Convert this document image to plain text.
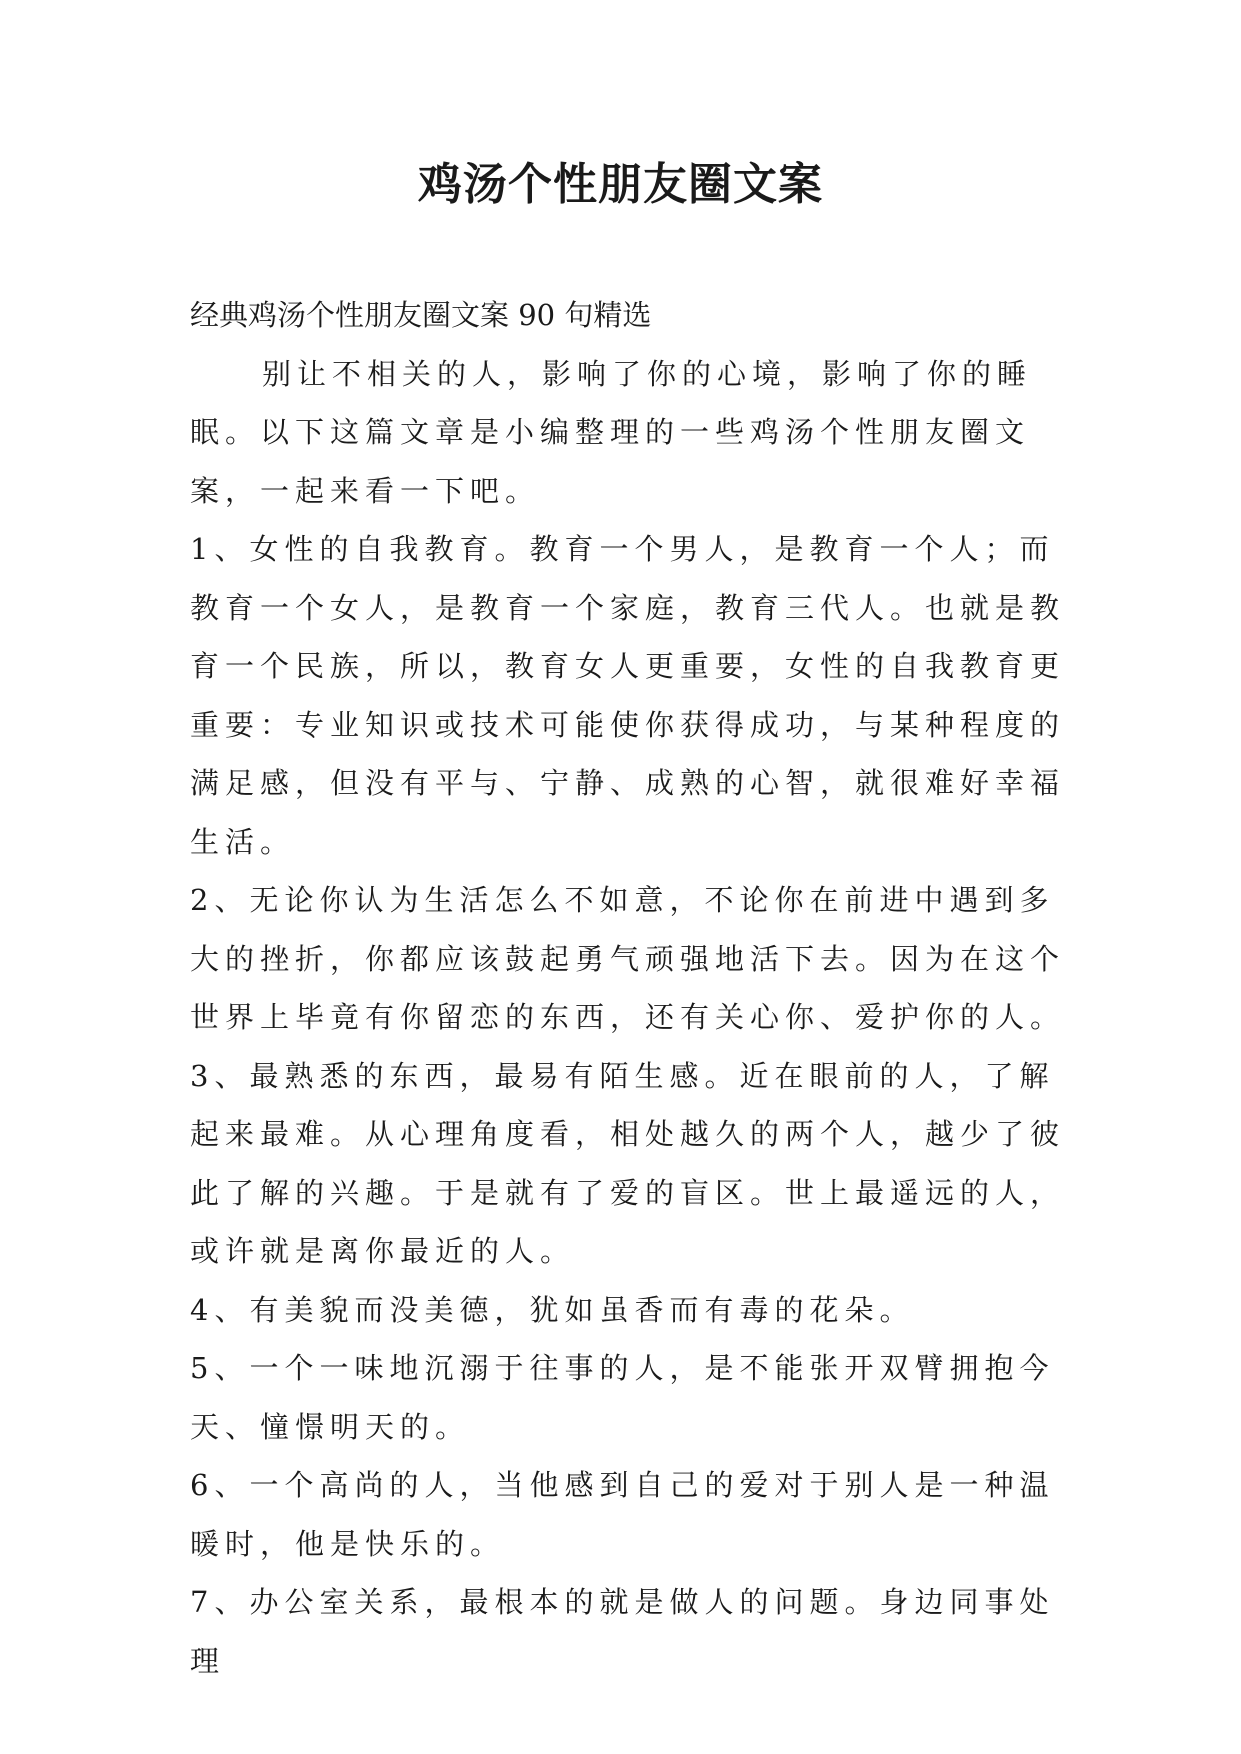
鸡汤个性朋友圈文案

经典鸡汤个性朋友圈文案 90 句精选

别让不相关的人，影响了你的心境，影响了你的睡眠。以下这篇文章是小编整理的一些鸡汤个性朋友圈文案，一起来看一下吧。

1、女性的自我教育。教育一个男人，是教育一个人；而教育一个女人，是教育一个家庭，教育三代人。也就是教育一个民族，所以，教育女人更重要，女性的自我教育更重要：专业知识或技术可能使你获得成功，与某种程度的满足感，但没有平与、宁静、成熟的心智，就很难好幸福生活。

2、无论你认为生活怎么不如意，不论你在前进中遇到多大的挫折，你都应该鼓起勇气顽强地活下去。因为在这个世界上毕竟有你留恋的东西，还有关心你、爱护你的人。

3、最熟悉的东西，最易有陌生感。近在眼前的人，了解起来最难。从心理角度看，相处越久的两个人，越少了彼此了解的兴趣。于是就有了爱的盲区。世上最遥远的人，或许就是离你最近的人。

4、有美貌而没美德，犹如虽香而有毒的花朵。

5、一个一味地沉溺于往事的人，是不能张开双臂拥抱今天、憧憬明天的。

6、一个高尚的人，当他感到自己的爱对于别人是一种温暖时，他是快乐的。

7、办公室关系，最根本的就是做人的问题。身边同事处理
